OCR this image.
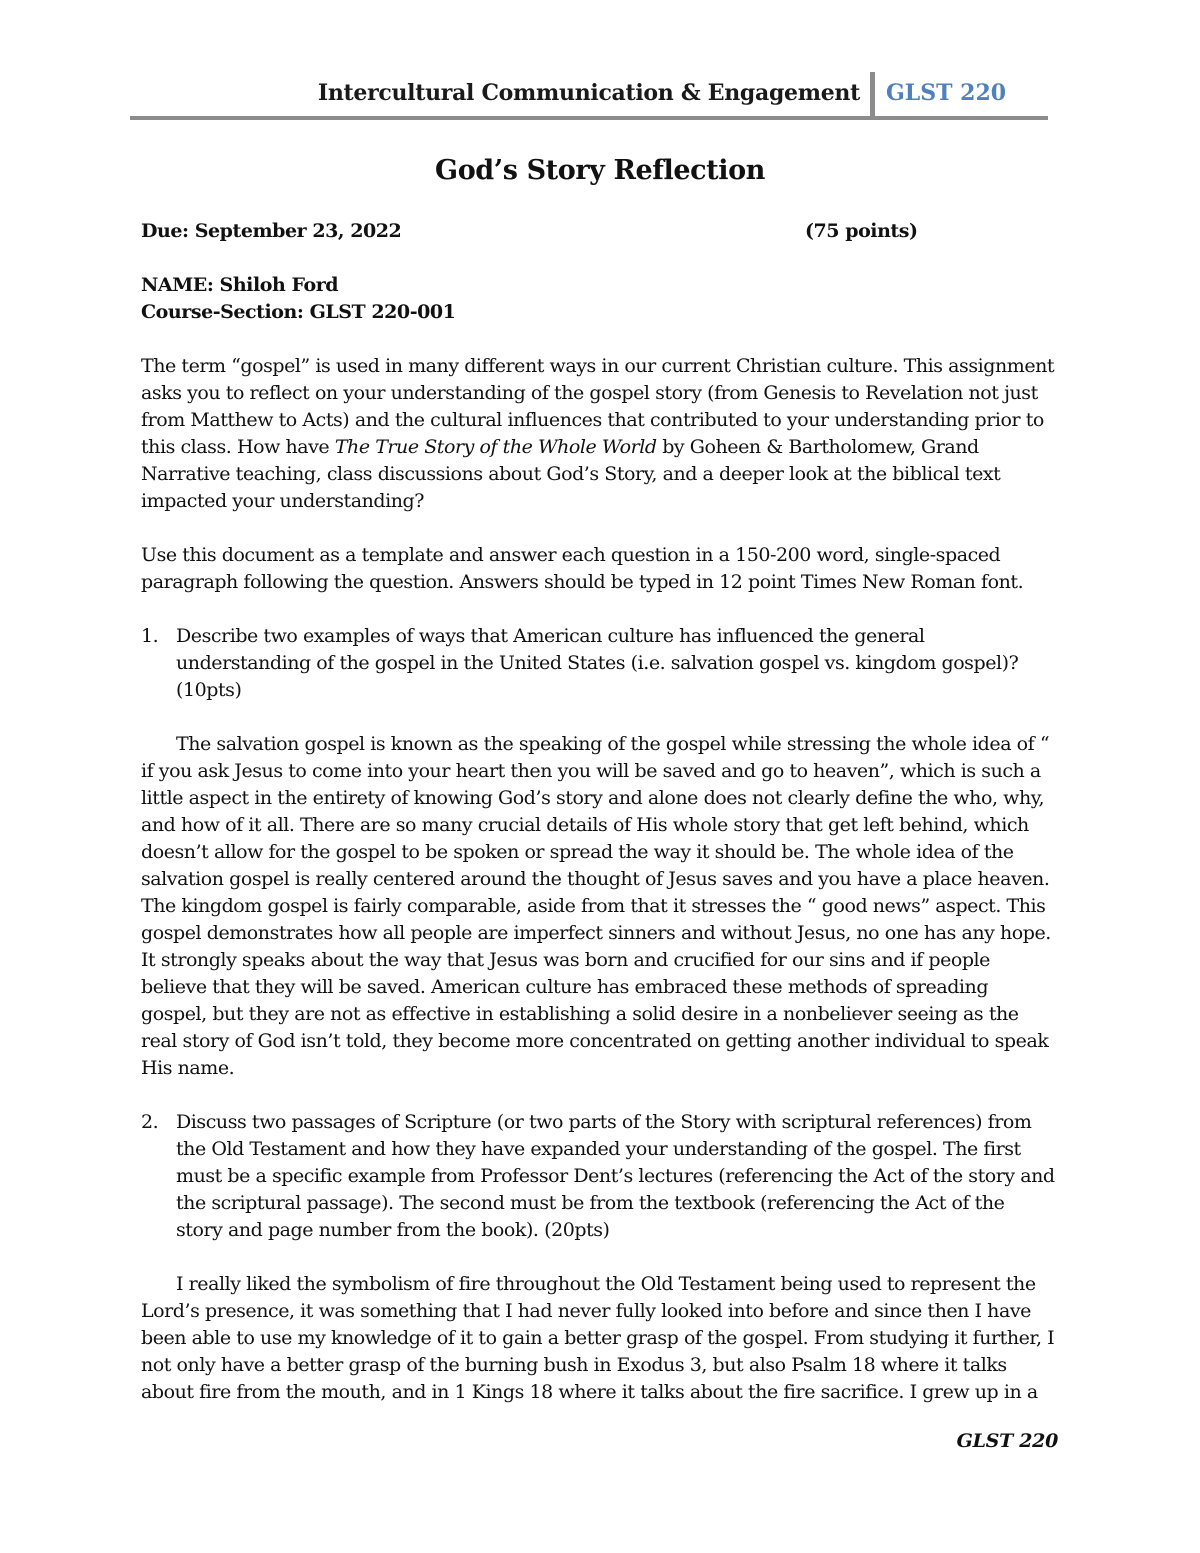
Intercultural Communication & Engagement GLST 220
God’s Story Reflection
Due: September 23, 2022	(75 points)

NAME: Shiloh Ford

Course-Section: GLST 220-001

The term “gospel” is used in many different ways in our current Christian culture. This assignment asks you to reflect on your understanding of the gospel story (from Genesis to Revelation not just from Matthew to Acts) and the cultural influences that contributed to your understanding prior to this class. How have The True Story of the Whole World by Goheen & Bartholomew, Grand Narrative teaching, class discussions about God’s Story, and a deeper look at the biblical text impacted your understanding?

Use this document as a template and answer each question in a 150-200 word, single-spaced paragraph following the question. Answers should be typed in 12 point Times New Roman font.

1. Describe two examples of ways that American culture has influenced the general understanding of the gospel in the United States (i.e. salvation gospel vs. kingdom gospel)? (10pts)

The salvation gospel is known as the speaking of the gospel while stressing the whole idea of “ if you ask Jesus to come into your heart then you will be saved and go to heaven”, which is such a little aspect in the entirety of knowing God’s story and alone does not clearly define the who, why, and how of it all. There are so many crucial details of His whole story that get left behind, which doesn’t allow for the gospel to be spoken or spread the way it should be. The whole idea of the salvation gospel is really centered around the thought of Jesus saves and you have a place heaven. The kingdom gospel is fairly comparable, aside from that it stresses the “ good news” aspect. This gospel demonstrates how all people are imperfect sinners and without Jesus, no one has any hope. It strongly speaks about the way that Jesus was born and crucified for our sins and if people believe that they will be saved. American culture has embraced these methods of spreading gospel, but they are not as effective in establishing a solid desire in a nonbeliever seeing as the real story of God isn’t told, they become more concentrated on getting another individual to speak His name.

2. Discuss two passages of Scripture (or two parts of the Story with scriptural references) from the Old Testament and how they have expanded your understanding of the gospel. The first must be a specific example from Professor Dent’s lectures (referencing the Act of the story and the scriptural passage). The second must be from the textbook (referencing the Act of the story and page number from the book). (20pts)

I really liked the symbolism of fire throughout the Old Testament being used to represent the Lord’s presence, it was something that I had never fully looked into before and since then I have been able to use my knowledge of it to gain a better grasp of the gospel. From studying it further, I not only have a better grasp of the burning bush in Exodus 3, but also Psalm 18 where it talks about fire from the mouth, and in 1 Kings 18 where it talks about the fire sacrifice. I grew up in a

GLST 220
